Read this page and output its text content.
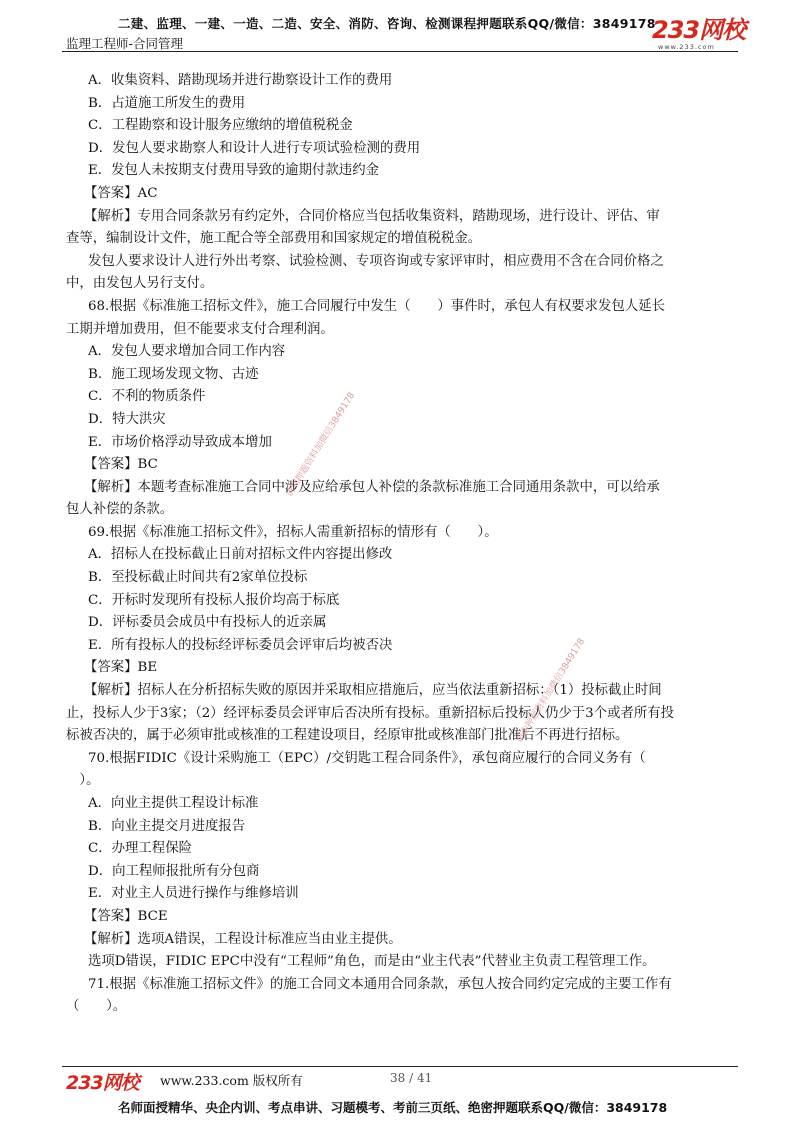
二建、监理、一建、一造、二造、安全、消防、咨询、检测课程押题联系QQ/微信：3849178
监理工程师-合同管理	233网校
www.233.com
A．收集资料、踏勘现场并进行勘察设计工作的费用
B．占道施工所发生的费用
C．工程勘察和设计服务应缴纳的增值税税金
D．发包人要求勘察人和设计人进行专项试验检测的费用
E．发包人未按期支付费用导致的逾期付款违约金
【答案】AC
【解析】专用合同条款另有约定外，合同价格应当包括收集资料，踏勘现场，进行设计、评估、审
查等，编制设计文件，施工配合等全部费用和国家规定的增值税税金。
发包人要求设计人进行外出考察、试验检测、专项咨询或专家评审时，相应费用不含在合同价格之
中，由发包人另行支付。
68.根据《标准施工招标文件》，施工合同履行中发生（　　）事件时，承包人有权要求发包人延长
工期并增加费用，但不能要求支付合理利润。
A．发包人要求增加合同工作内容
B．施工现场发现文物、古迹
C．不利的物质条件
D．特大洪灾
E．市场价格浮动导致成本增加
【答案】BC
【解析】本题考查标准施工合同中涉及应给承包人补偿的条款标准施工合同通用条款中，可以给承
包人补偿的条款。
69.根据《标准施工招标文件》，招标人需重新招标的情形有（　　）。
A．招标人在投标截止日前对招标文件内容提出修改
B．至投标截止时间共有2家单位投标
C．开标时发现所有投标人报价均高于标底
D．评标委员会成员中有投标人的近亲属
E．所有投标人的投标经评标委员会评审后均被否决
【答案】BE
【解析】招标人在分析招标失败的原因并采取相应措施后，应当依法重新招标：（1）投标截止时间
止，投标人少于3家；（2）经评标委员会评审后否决所有投标。重新招标后投标人仍少于3个或者所有投
标被否决的，属于必须审批或核准的工程建设项目，经原审批或核准部门批准后不再进行招标。
70.根据FIDIC《设计采购施工（EPC）/交钥匙工程合同条件》，承包商应履行的合同义务有（
　）。
A．向业主提供工程设计标准
B．向业主提交月进度报告
C．办理工程保险
D．向工程师报批所有分包商
E．对业主人员进行操作与维修培训
【答案】BCE
【解析】选项A错误，工程设计标准应当由业主提供。
选项D错误，FIDIC EPC中没有“工程师”角色，而是由“业主代表”代替业主负责工程管理工作。
71.根据《标准施工招标文件》的施工合同文本通用合同条款，承包人按合同约定完成的主要工作有
（　　）。
请购押题资料加微信3849178
请购押题资料加微信3849178
233网校 www.233.com 版权所有	38 / 41
名师面授精华、央企内训、考点串讲、习题模考、考前三页纸、绝密押题联系QQ/微信：3849178
